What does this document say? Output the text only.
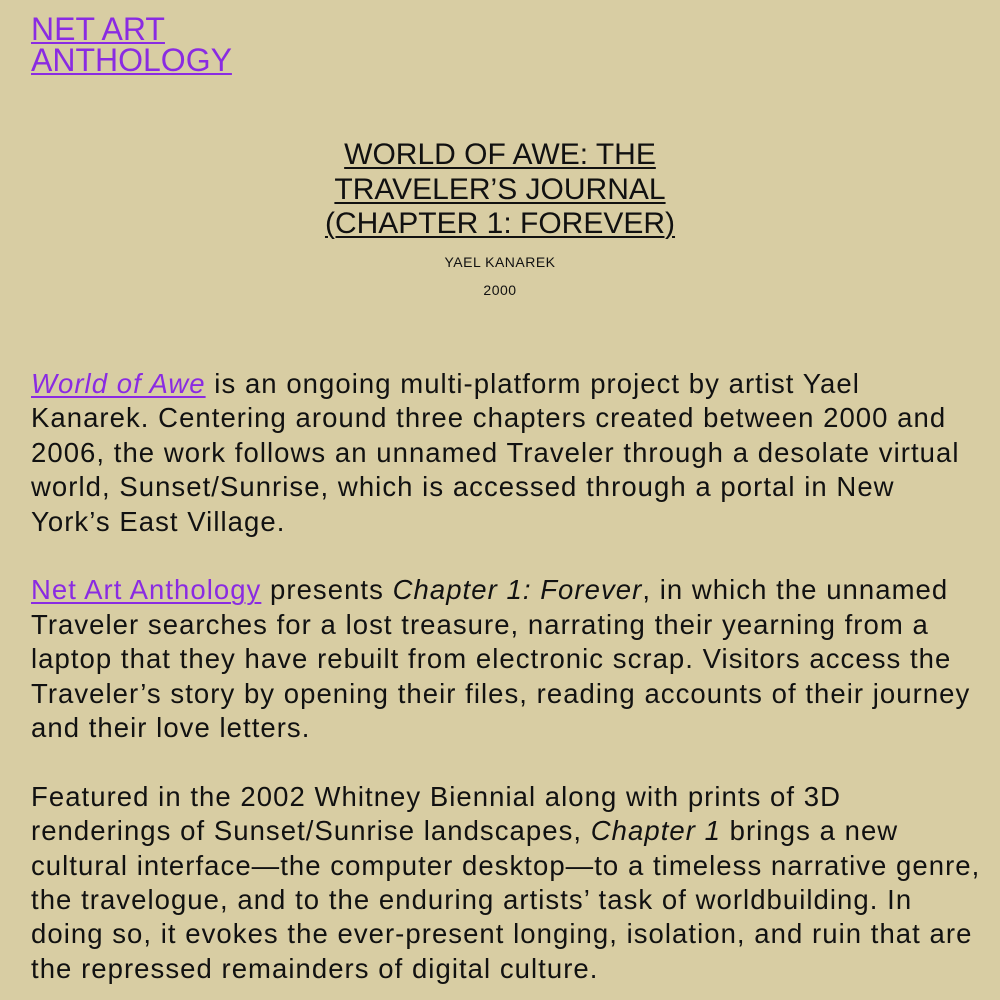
NET ART
ANTHOLOGY
WORLD OF AWE: THE
TRAVELER’S JOURNAL
(CHAPTER 1: FOREVER)
YAEL KANAREK
2000

World of Awe is an ongoing multi-platform project by artist Yael Kanarek. Centering around three chapters created between 2000 and 2006, the work follows an unnamed Traveler through a desolate virtual world, Sunset/Sunrise, which is accessed through a portal in New York’s East Village.

Net Art Anthology presents Chapter 1: Forever, in which the unnamed Traveler searches for a lost treasure, narrating their yearning from a laptop that they have rebuilt from electronic scrap. Visitors access the Traveler’s story by opening their files, reading accounts of their journey and their love letters.

Featured in the 2002 Whitney Biennial along with prints of 3D renderings of Sunset/Sunrise landscapes, Chapter 1 brings a new cultural interface—the computer desktop—to a timeless narrative genre, the travelogue, and to the enduring artists’ task of worldbuilding. In doing so, it evokes the ever-present longing, isolation, and ruin that are the repressed remainders of digital culture.
